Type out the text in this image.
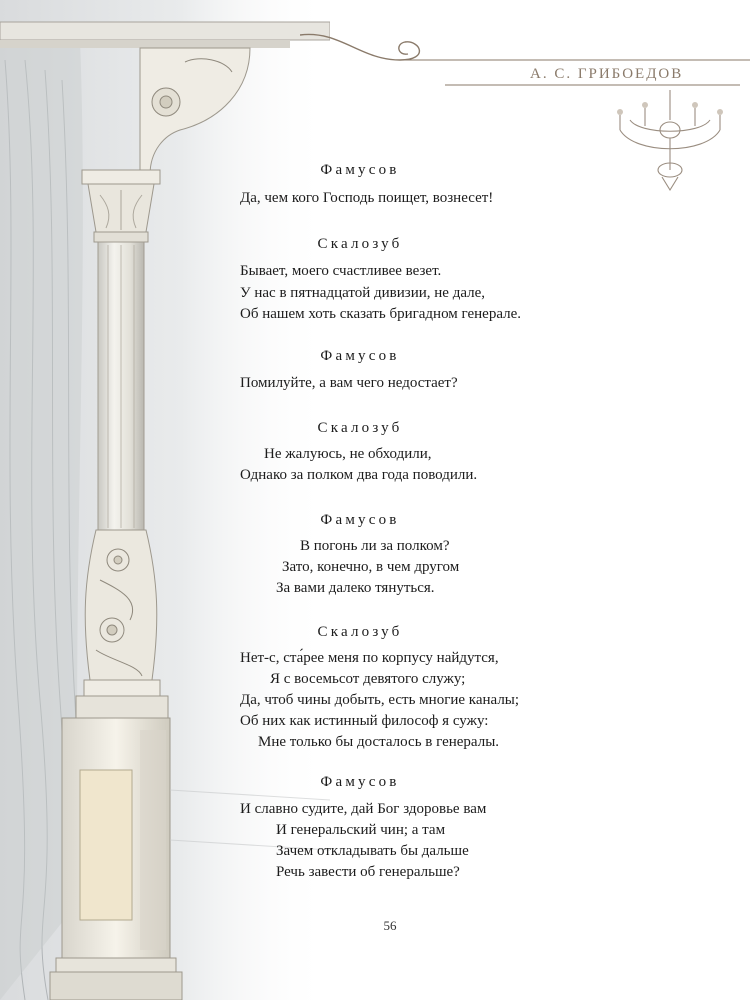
А. С. ГРИБОЕДОВ
Фамусов
Да, чем кого Господь поищет, вознесет!
Скалозуб
Бывает, моего счастливее везет.
У нас в пятнадцатой дивизии, не дале,
Об нашем хоть сказать бригадном генерале.
Фамусов
Помилуйте, а вам чего недостает?
Скалозуб
Не жалуюсь, не обходили,
Однако за полком два года поводили.
Фамусов
В погонь ли за полком?
Зато, конечно, в чем другом
За вами далеко тянуться.
Скалозуб
Нет-с, ста́рее меня по корпусу найдутся,
Я с восемьсот девятого служу;
Да, чтоб чины добыть, есть многие каналы;
Об них как истинный философ я сужу:
Мне только бы досталось в генералы.
Фамусов
И славно судите, дай Бог здоровье вам
И генеральский чин; а там
Зачем откладывать бы дальше
Речь завести об генеральше?
56
